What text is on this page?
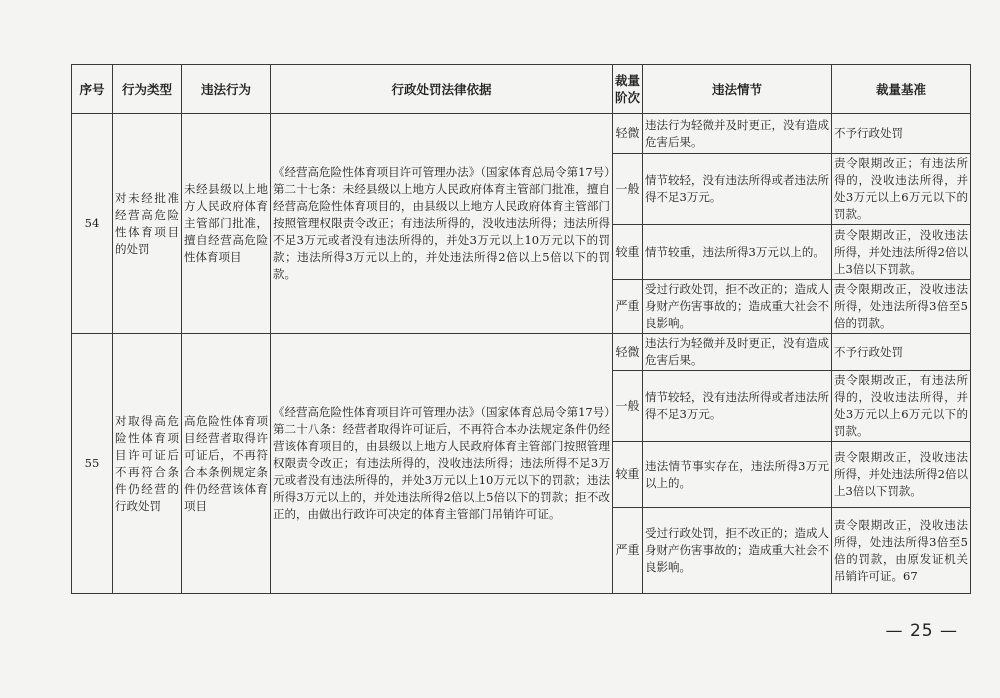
序号	行为类型	违法行为	行政处罚法律依据	裁量阶次	违法情节	裁量基准
54	对未经批准经营高危险性体育项目的处罚	未经县级以上地方人民政府体育主管部门批准，擅自经营高危险性体育项目	《经营高危险性体育项目许可管理办法》（国家体育总局令第17号）第二十七条：未经县级以上地方人民政府体育主管部门批准，擅自经营高危险性体育项目的，由县级以上地方人民政府体育主管部门按照管理权限责令改正；有违法所得的，没收违法所得；违法所得不足3万元或者没有违法所得的，并处3万元以上10万元以下的罚款；违法所得3万元以上的，并处违法所得2倍以上5倍以下的罚款。	轻微	违法行为轻微并及时更正，没有造成危害后果。	不予行政处罚
				一般	情节较轻，没有违法所得或者违法所得不足3万元。	责令限期改正；有违法所得的，没收违法所得，并处3万元以上6万元以下的罚款。
				较重	情节较重，违法所得3万元以上的。	责令限期改正，没收违法所得，并处违法所得2倍以上3倍以下罚款。
				严重	受过行政处罚，拒不改正的；造成人身财产伤害事故的；造成重大社会不良影响。	责令限期改正，没收违法所得，处违法所得3倍至5倍的罚款。
55	对取得高危险性体育项目许可证后不再符合条件仍经营的行政处罚	高危险性体育项目经营者取得许可证后，不再符合本条例规定条件仍经营该体育项目	《经营高危险性体育项目许可管理办法》（国家体育总局令第17号）第二十八条：经营者取得许可证后，不再符合本办法规定条件仍经营该体育项目的，由县级以上地方人民政府体育主管部门按照管理权限责令改正；有违法所得的，没收违法所得；违法所得不足3万元或者没有违法所得的，并处3万元以上10万元以下的罚款；违法所得3万元以上的，并处违法所得2倍以上5倍以下的罚款；拒不改正的，由做出行政许可决定的体育主管部门吊销许可证。	轻微	违法行为轻微并及时更正，没有造成危害后果。	不予行政处罚
				一般	情节较轻，没有违法所得或者违法所得不足3万元。	责令限期改正，有违法所得的，没收违法所得，并处3万元以上6万元以下的罚款。
				较重	违法情节事实存在，违法所得3万元以上的。	责令限期改正，没收违法所得，并处违法所得2倍以上3倍以下罚款。
				严重	受过行政处罚，拒不改正的；造成人身财产伤害事故的；造成重大社会不良影响。	责令限期改正，没收违法所得，处违法所得3倍至5倍的罚款，由原发证机关吊销许可证。67
— 25 —
